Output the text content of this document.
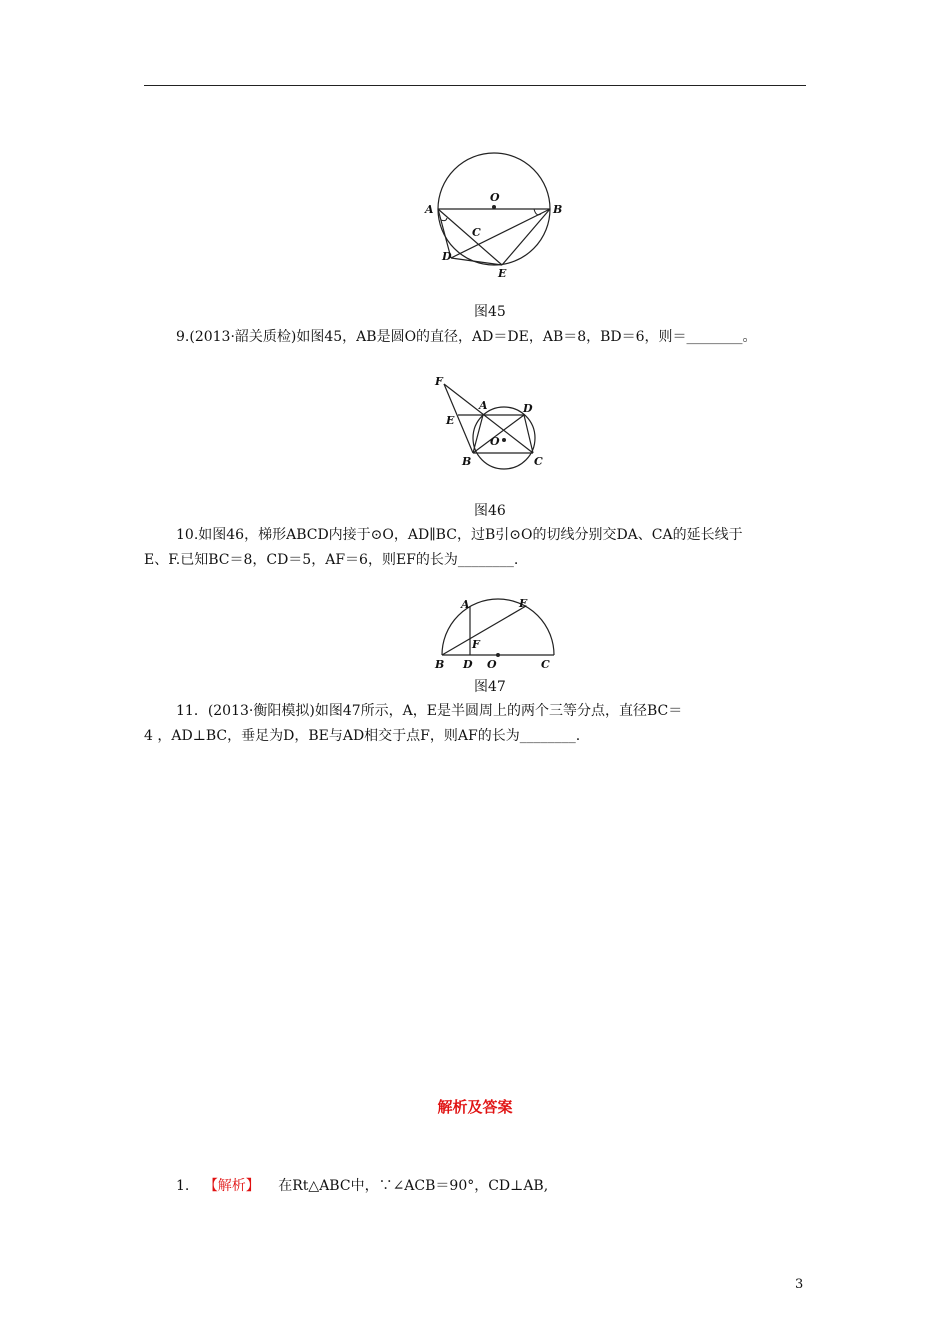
O
A	B
C
D
E
图45
9.(2013·韶关质检)如图45，AB是圆O的直径，AD＝DE，AB＝8，BD＝6，则＝________。
F
A	D
E
O
B	C
图46
10.如图46，梯形ABCD内接于⊙O，AD∥BC，过B引⊙O的切线分别交DA、CA的延长线于
E、F.已知BC＝8，CD＝5，AF＝6，则EF的长为________.
A	E
F
B D O	C
图47
11．(2013·衡阳模拟)如图47所示，A，E是半圆周上的两个三等分点，直径BC＝
4 ，AD⊥BC，垂足为D，BE与AD相交于点F，则AF的长为________.
解析及答案
1. 【解析】 在Rt△ABC中，∵∠ACB＝90°，CD⊥AB,
3
